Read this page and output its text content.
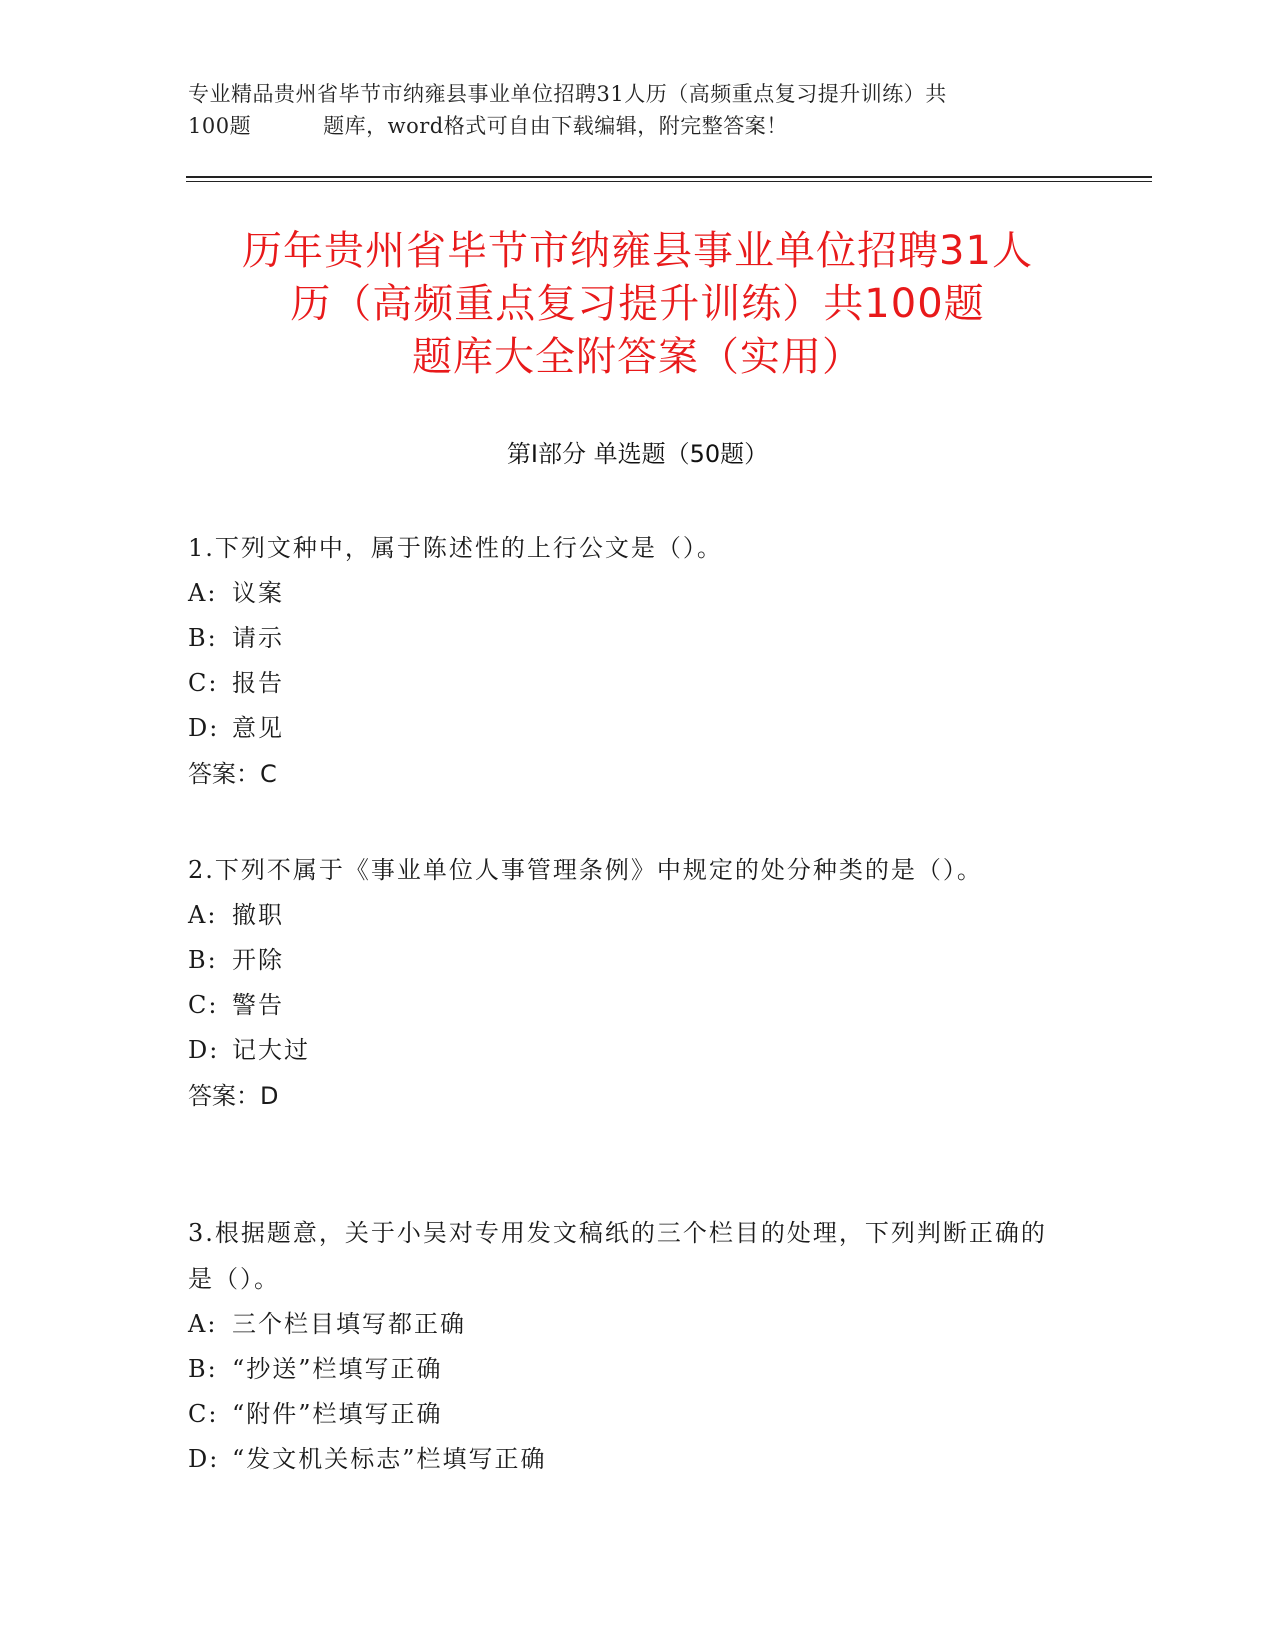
专业精品贵州省毕节市纳雍县事业单位招聘31人历（高频重点复习提升训练）共
100题	题库，word格式可自由下载编辑，附完整答案！
历年贵州省毕节市纳雍县事业单位招聘31人
历（高频重点复习提升训练）共100题
题库大全附答案（实用）
第Ⅰ部分 单选题（50题）
1.下列文种中，属于陈述性的上行公文是（）。
A: 议案
B: 请示
C: 报告
D: 意见
答案：C
2.下列不属于《事业单位人事管理条例》中规定的处分种类的是（）。
A: 撤职
B: 开除
C: 警告
D: 记大过
答案：D
3.根据题意，关于小吴对专用发文稿纸的三个栏目的处理，下列判断正确的是（）。
A: 三个栏目填写都正确
B: “抄送”栏填写正确
C: “附件”栏填写正确
D: “发文机关标志”栏填写正确
